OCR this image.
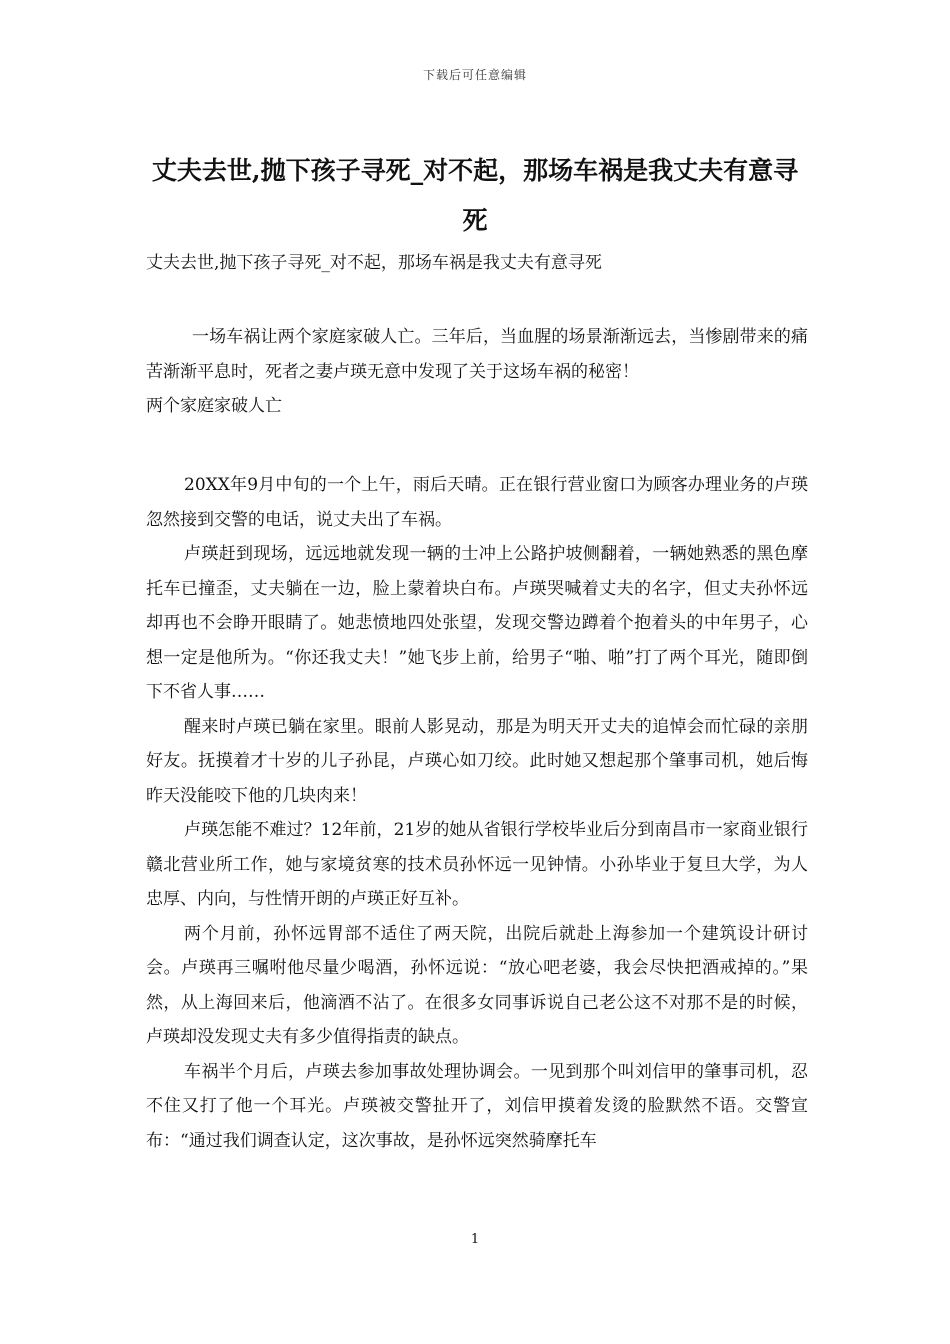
下载后可任意编辑
丈夫去世,抛下孩子寻死_对不起，那场车祸是我丈夫有意寻死

丈夫去世,抛下孩子寻死_对不起，那场车祸是我丈夫有意寻死

一场车祸让两个家庭家破人亡。三年后，当血腥的场景渐渐远去，当惨剧带来的痛苦渐渐平息时，死者之妻卢瑛无意中发现了关于这场车祸的秘密！

两个家庭家破人亡

20XX年9月中旬的一个上午，雨后天晴。正在银行营业窗口为顾客办理业务的卢瑛忽然接到交警的电话，说丈夫出了车祸。

卢瑛赶到现场，远远地就发现一辆的士冲上公路护坡侧翻着，一辆她熟悉的黑色摩托车已撞歪，丈夫躺在一边，脸上蒙着块白布。卢瑛哭喊着丈夫的名字，但丈夫孙怀远却再也不会睁开眼睛了。她悲愤地四处张望，发现交警边蹲着个抱着头的中年男子，心想一定是他所为。“你还我丈夫！”她飞步上前，给男子“啪、啪”打了两个耳光，随即倒下不省人事……

醒来时卢瑛已躺在家里。眼前人影晃动，那是为明天开丈夫的追悼会而忙碌的亲朋好友。抚摸着才十岁的儿子孙昆，卢瑛心如刀绞。此时她又想起那个肇事司机，她后悔昨天没能咬下他的几块肉来！

卢瑛怎能不难过？12年前，21岁的她从省银行学校毕业后分到南昌市一家商业银行赣北营业所工作，她与家境贫寒的技术员孙怀远一见钟情。小孙毕业于复旦大学，为人忠厚、内向，与性情开朗的卢瑛正好互补。

两个月前，孙怀远胃部不适住了两天院，出院后就赴上海参加一个建筑设计研讨会。卢瑛再三嘱咐他尽量少喝酒，孙怀远说：“放心吧老婆，我会尽快把酒戒掉的。”果然，从上海回来后，他滴酒不沾了。在很多女同事诉说自己老公这不对那不是的时候，卢瑛却没发现丈夫有多少值得指责的缺点。

车祸半个月后，卢瑛去参加事故处理协调会。一见到那个叫刘信甲的肇事司机，忍不住又打了他一个耳光。卢瑛被交警扯开了，刘信甲摸着发烫的脸默然不语。交警宣布：“通过我们调查认定，这次事故，是孙怀远突然骑摩托车

1
